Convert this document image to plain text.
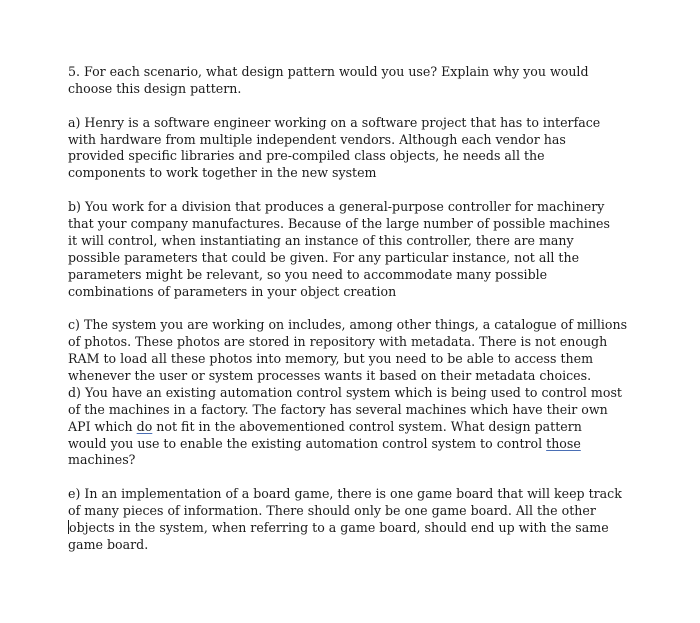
5. For each scenario, what design pattern would you use? Explain why you would
choose this design pattern.
a) Henry is a software engineer working on a software project that has to interface
with hardware from multiple independent vendors. Although each vendor has
provided specific libraries and pre-compiled class objects, he needs all the
components to work together in the new system
b) You work for a division that produces a general-purpose controller for machinery
that your company manufactures. Because of the large number of possible machines
it will control, when instantiating an instance of this controller, there are many
possible parameters that could be given. For any particular instance, not all the
parameters might be relevant, so you need to accommodate many possible
combinations of parameters in your object creation
c) The system you are working on includes, among other things, a catalogue of millions
of photos. These photos are stored in repository with metadata. There is not enough
RAM to load all these photos into memory, but you need to be able to access them
whenever the user or system processes wants it based on their metadata choices.
d) You have an existing automation control system which is being used to control most
of the machines in a factory. The factory has several machines which have their own
API which do not fit in the abovementioned control system. What design pattern
would you use to enable the existing automation control system to control those
machines?
e) In an implementation of a board game, there is one game board that will keep track
of many pieces of information. There should only be one game board. All the other
objects in the system, when referring to a game board, should end up with the same
game board.
